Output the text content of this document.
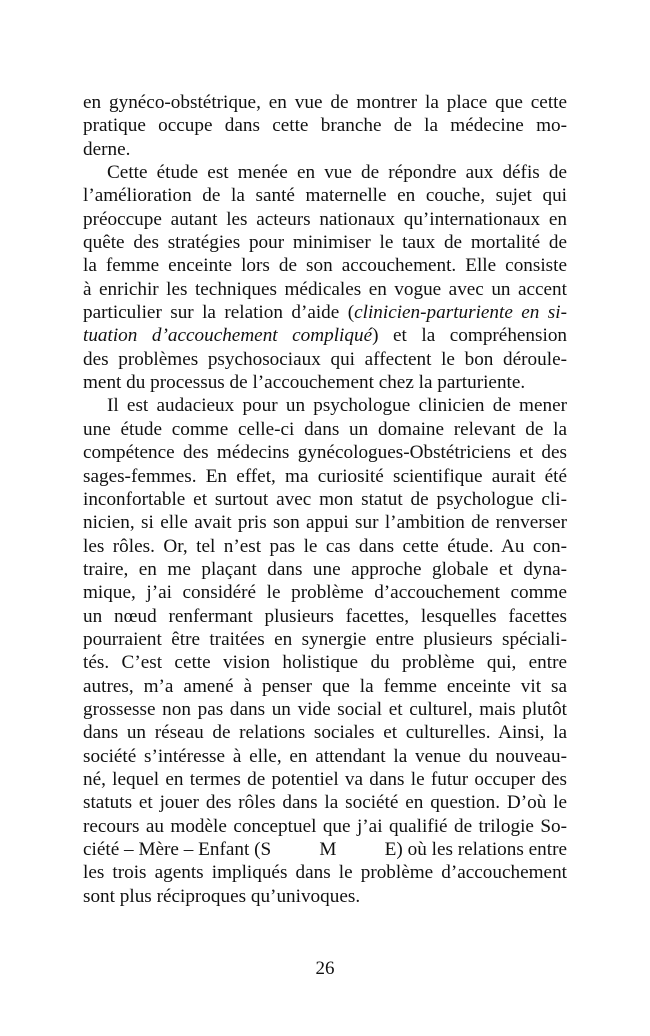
en gynéco-obstétrique, en vue de montrer la place que cette
pratique occupe dans cette branche de la médecine mo-
derne.
Cette étude est menée en vue de répondre aux défis de
l’amélioration de la santé maternelle en couche, sujet qui
préoccupe autant les acteurs nationaux qu’internationaux en
quête des stratégies pour minimiser le taux de mortalité de
la femme enceinte lors de son accouchement. Elle consiste
à enrichir les techniques médicales en vogue avec un accent
particulier sur la relation d’aide (clinicien-parturiente en si-
tuation d’accouchement compliqué) et la compréhension
des problèmes psychosociaux qui affectent le bon déroule-
ment du processus de l’accouchement chez la parturiente.
Il est audacieux pour un psychologue clinicien de mener
une étude comme celle-ci dans un domaine relevant de la
compétence des médecins gynécologues-Obstétriciens et des
sages-femmes. En effet, ma curiosité scientifique aurait été
inconfortable et surtout avec mon statut de psychologue cli-
nicien, si elle avait pris son appui sur l’ambition de renverser
les rôles. Or, tel n’est pas le cas dans cette étude. Au con-
traire, en me plaçant dans une approche globale et dyna-
mique, j’ai considéré le problème d’accouchement comme
un nœud renfermant plusieurs facettes, lesquelles facettes
pourraient être traitées en synergie entre plusieurs spéciali-
tés. C’est cette vision holistique du problème qui, entre
autres, m’a amené à penser que la femme enceinte vit sa
grossesse non pas dans un vide social et culturel, mais plutôt
dans un réseau de relations sociales et culturelles. Ainsi, la
société s’intéresse à elle, en attendant la venue du nouveau-
né, lequel en termes de potentiel va dans le futur occuper des
statuts et jouer des rôles dans la société en question. D’où le
recours au modèle conceptuel que j’ai qualifié de trilogie So-
ciété – Mère – Enfant (S          M          E) où les relations entre
les trois agents impliqués dans le problème d’accouchement
sont plus réciproques qu’univoques.
26
